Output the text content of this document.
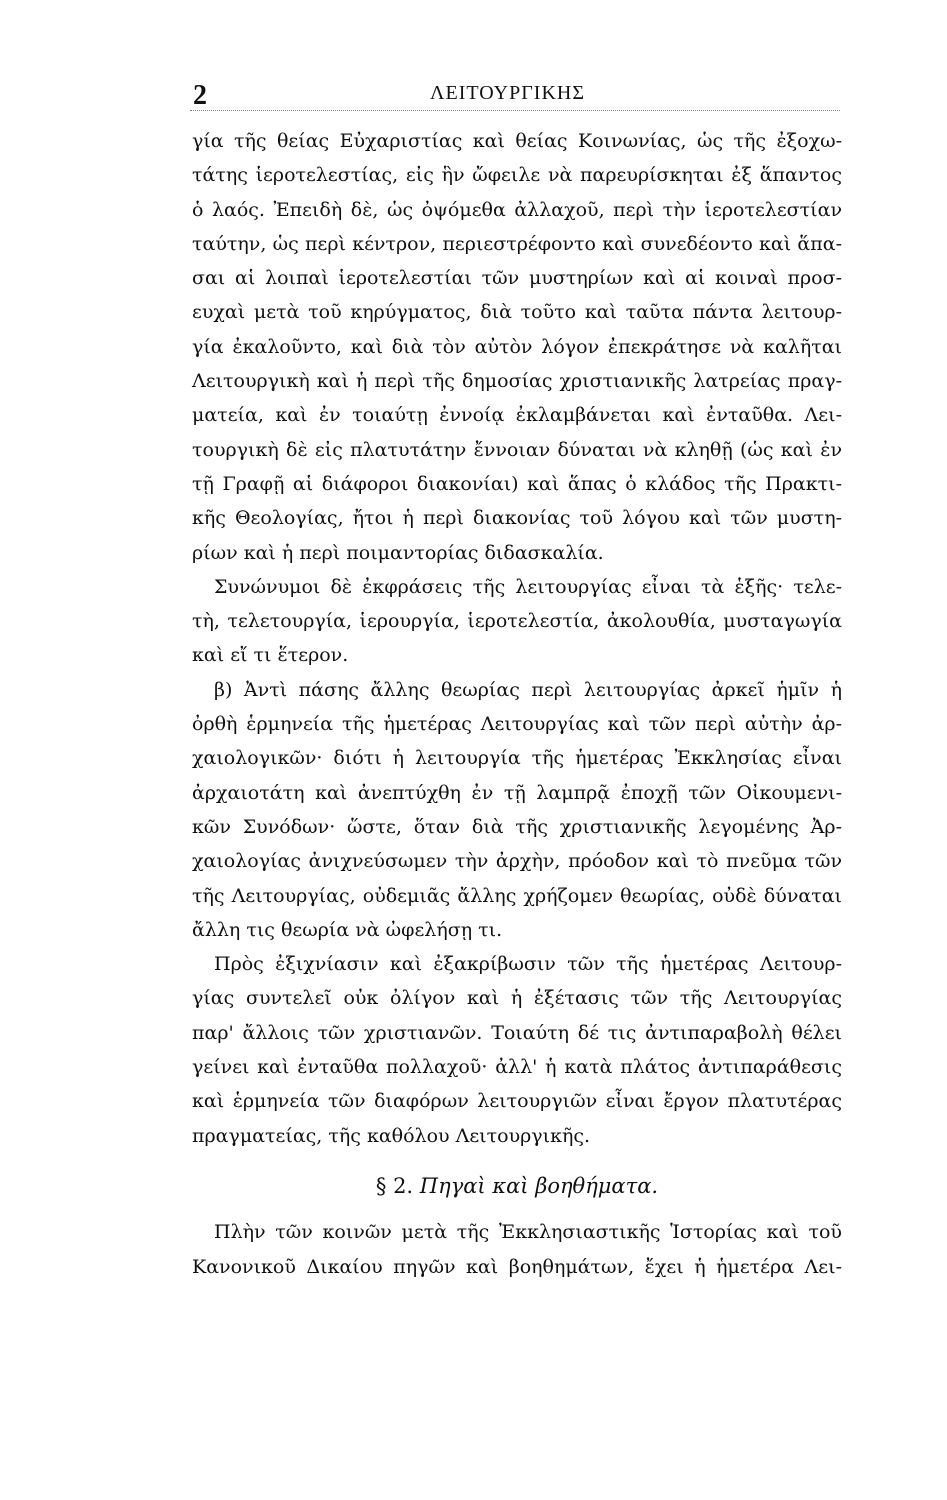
2	ΛΕΙΤΟΥΡΓΙΚΗΣ
γία τῆς θείας Εὐχαριστίας καὶ θείας Κοινωνίας, ὡς τῆς ἐξοχω-
τάτης ἱεροτελεστίας, εἰς ἣν ὤφειλε νὰ παρευρίσκηται ἐξ ἅπαντος
ὁ λαός. Ἐπειδὴ δὲ, ὡς ὀψόμεθα ἀλλαχοῦ, περὶ τὴν ἱεροτελεστίαν
ταύτην, ὡς περὶ κέντρον, περιεστρέφοντο καὶ συνεδέοντο καὶ ἅπα-
σαι αἱ λοιπαὶ ἱεροτελεστίαι τῶν μυστηρίων καὶ αἱ κοιναὶ προσ-
ευχαὶ μετὰ τοῦ κηρύγματος, διὰ τοῦτο καὶ ταῦτα πάντα λειτουρ-
γία ἐκαλοῦντο, καὶ διὰ τὸν αὐτὸν λόγον ἐπεκράτησε νὰ καλῆται
Λειτουργικὴ καὶ ἡ περὶ τῆς δημοσίας χριστιανικῆς λατρείας πραγ-
ματεία, καὶ ἐν τοιαύτῃ ἐννοίᾳ ἐκλαμβάνεται καὶ ἐνταῦθα. Λει-
τουργικὴ δὲ εἰς πλατυτάτην ἔννοιαν δύναται νὰ κληθῇ (ὡς καὶ ἐν
τῇ Γραφῇ αἱ διάφοροι διακονίαι) καὶ ἅπας ὁ κλάδος τῆς Πρακτι-
κῆς Θεολογίας, ἤτοι ἡ περὶ διακονίας τοῦ λόγου καὶ τῶν μυστη-
ρίων καὶ ἡ περὶ ποιμαντορίας διδασκαλία.
Συνώνυμοι δὲ ἐκφράσεις τῆς λειτουργίας εἶναι τὰ ἑξῆς· τελε-
τὴ, τελετουργία, ἱερουργία, ἱεροτελεστία, ἀκολουθία, μυσταγωγία
καὶ εἴ τι ἕτερον.
β) Ἀντὶ πάσης ἄλλης θεωρίας περὶ λειτουργίας ἀρκεῖ ἡμῖν ἡ
ὀρθὴ ἑρμηνεία τῆς ἡμετέρας Λειτουργίας καὶ τῶν περὶ αὐτὴν ἀρ-
χαιολογικῶν· διότι ἡ λειτουργία τῆς ἡμετέρας Ἐκκλησίας εἶναι
ἀρχαιοτάτη καὶ ἀνεπτύχθη ἐν τῇ λαμπρᾷ ἐποχῇ τῶν Οἰκουμενι-
κῶν Συνόδων· ὥστε, ὅταν διὰ τῆς χριστιανικῆς λεγομένης Ἀρ-
χαιολογίας ἀνιχνεύσωμεν τὴν ἀρχὴν, πρόοδον καὶ τὸ πνεῦμα τῶν
τῆς Λειτουργίας, οὐδεμιᾶς ἄλλης χρήζομεν θεωρίας, οὐδὲ δύναται
ἄλλη τις θεωρία νὰ ὠφελήσῃ τι.
Πρὸς ἐξιχνίασιν καὶ ἐξακρίβωσιν τῶν τῆς ἡμετέρας Λειτουρ-
γίας συντελεῖ οὐκ ὀλίγον καὶ ἡ ἐξέτασις τῶν τῆς Λειτουργίας
παρ' ἄλλοις τῶν χριστιανῶν. Τοιαύτη δέ τις ἀντιπαραβολὴ θέλει
γείνει καὶ ἐνταῦθα πολλαχοῦ· ἀλλ' ἡ κατὰ πλάτος ἀντιπαράθεσις
καὶ ἑρμηνεία τῶν διαφόρων λειτουργιῶν εἶναι ἔργον πλατυτέρας
πραγματείας, τῆς καθόλου Λειτουργικῆς.
§ 2. Πηγαὶ καὶ βοηθήματα.
Πλὴν τῶν κοινῶν μετὰ τῆς Ἐκκλησιαστικῆς Ἱστορίας καὶ τοῦ
Κανονικοῦ Δικαίου πηγῶν καὶ βοηθημάτων, ἔχει ἡ ἡμετέρα Λει-
